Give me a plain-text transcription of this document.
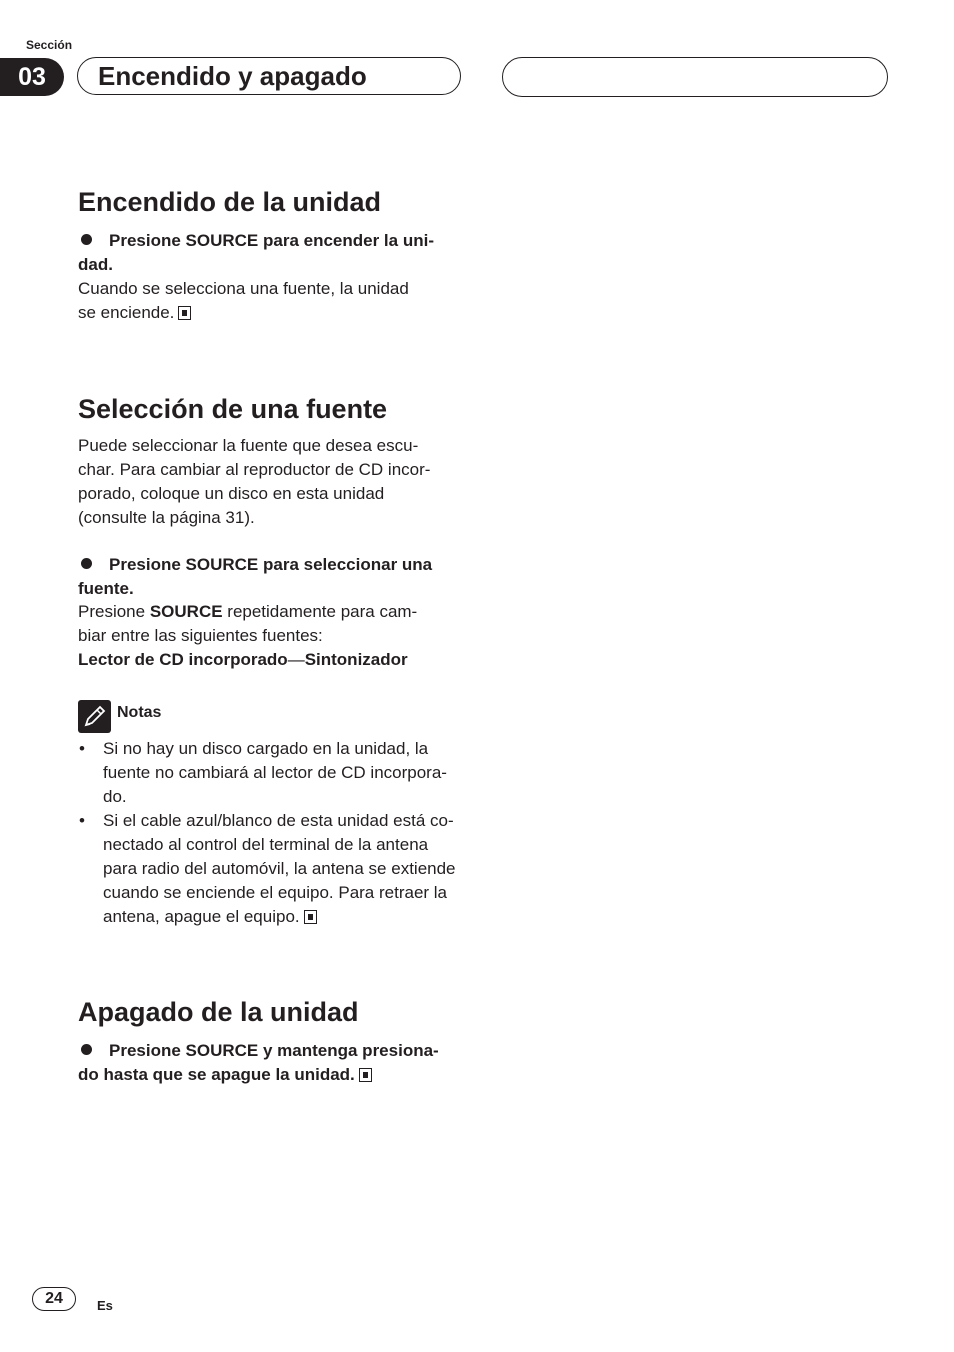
Sección
03	Encendido y apagado
Encendido de la unidad
Presione SOURCE para encender la uni-
dad.
Cuando se selecciona una fuente, la unidad
se enciende.
Selección de una fuente
Puede seleccionar la fuente que desea escu-
char. Para cambiar al reproductor de CD incor-
porado, coloque un disco en esta unidad
(consulte la página 31).
Presione SOURCE para seleccionar una
fuente.
Presione SOURCE repetidamente para cam-
biar entre las siguientes fuentes:
Lector de CD incorporado—Sintonizador
Notas
• Si no hay un disco cargado en la unidad, la
fuente no cambiará al lector de CD incorpora-
do.
• Si el cable azul/blanco de esta unidad está co-
nectado al control del terminal de la antena
para radio del automóvil, la antena se extiende
cuando se enciende el equipo. Para retraer la
antena, apague el equipo.
Apagado de la unidad
Presione SOURCE y mantenga presiona-
do hasta que se apague la unidad.
24	Es
